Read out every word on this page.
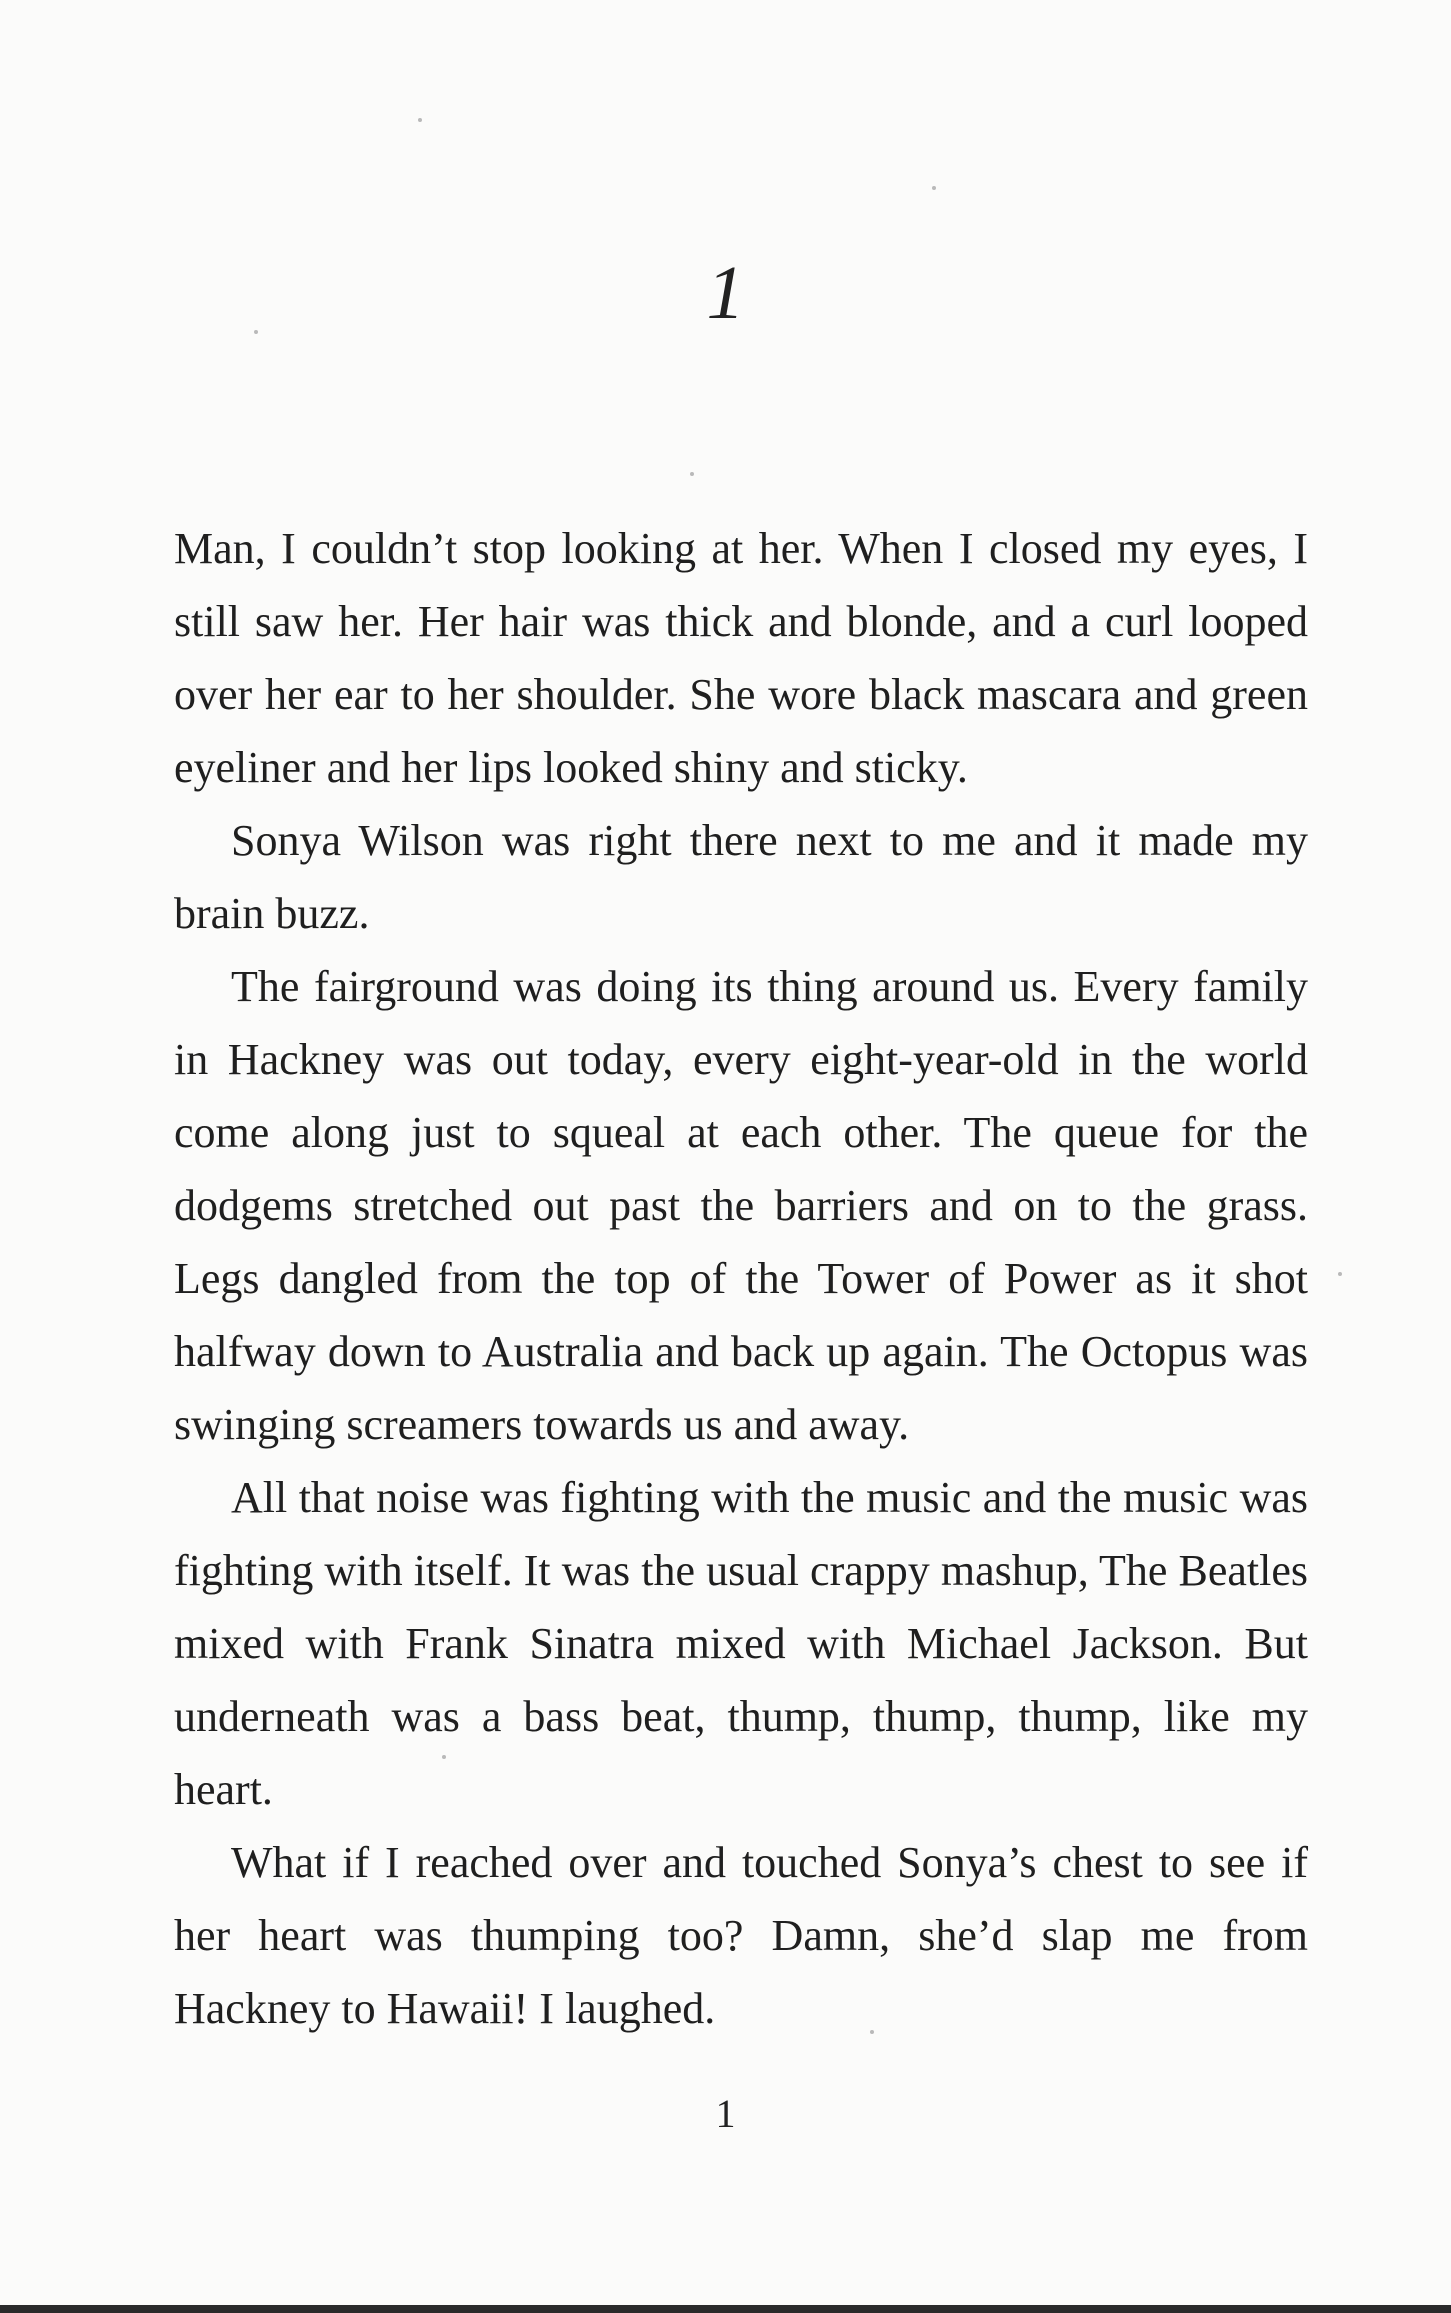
1

Man, I couldn’t stop looking at her. When I closed my eyes, I still saw her. Her hair was thick and blonde, and a curl looped over her ear to her shoulder. She wore black mascara and green eyeliner and her lips looked shiny and sticky.

Sonya Wilson was right there next to me and it made my brain buzz.

The fairground was doing its thing around us. Every family in Hackney was out today, every eight-year-old in the world come along just to squeal at each other. The queue for the dodgems stretched out past the barriers and on to the grass. Legs dangled from the top of the Tower of Power as it shot halfway down to Australia and back up again. The Octopus was swinging screamers towards us and away.

All that noise was fighting with the music and the music was fighting with itself. It was the usual crappy mashup, The Beatles mixed with Frank Sinatra mixed with Michael Jackson. But underneath was a bass beat, thump, thump, thump, like my heart.

What if I reached over and touched Sonya’s chest to see if her heart was thumping too? Damn, she’d slap me from Hackney to Hawaii! I laughed.

1
